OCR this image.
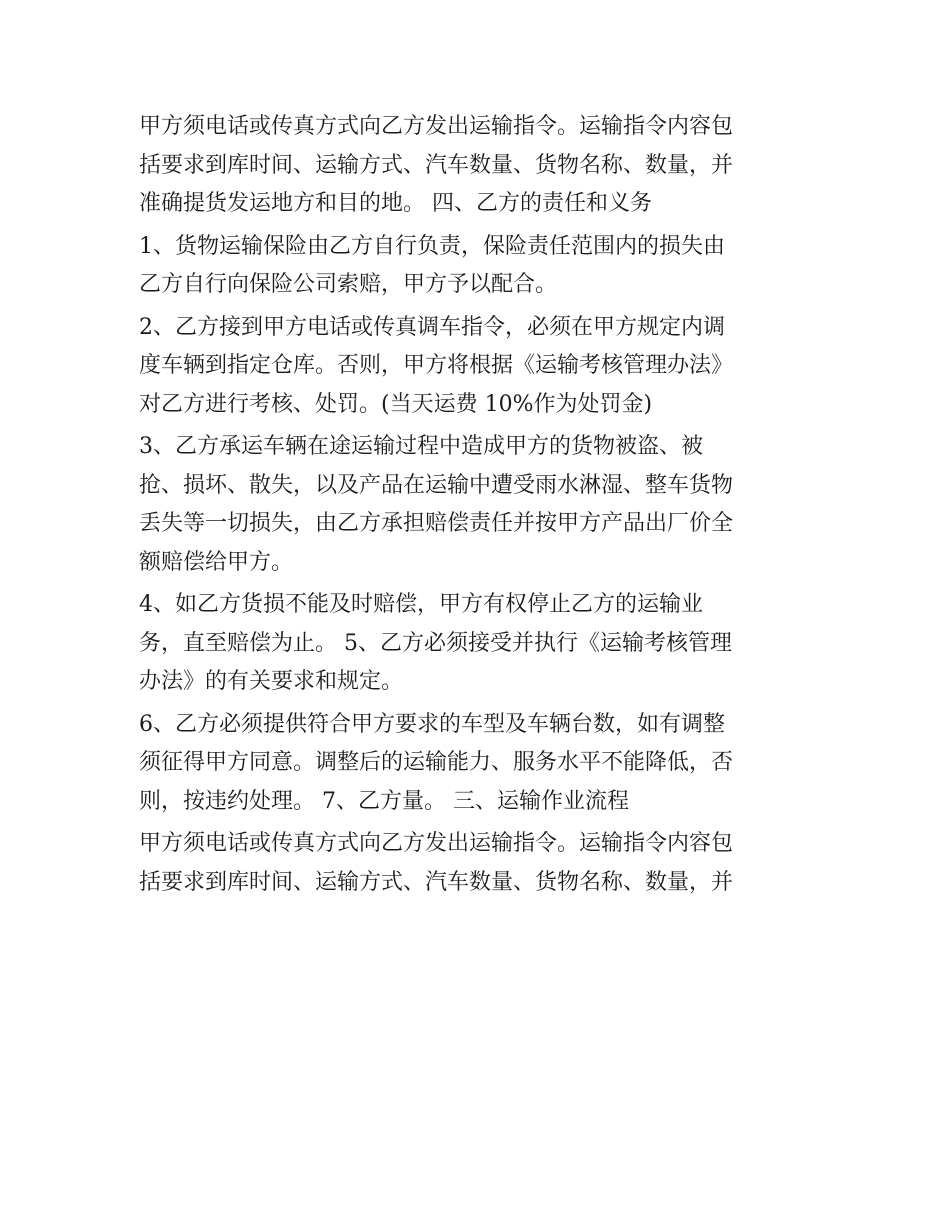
甲方须电话或传真方式向乙方发出运输指令。运输指令内容包
括要求到库时间、运输方式、汽车数量、货物名称、数量，并
准确提货发运地方和目的地。 四、乙方的责任和义务

1、货物运输保险由乙方自行负责，保险责任范围内的损失由
乙方自行向保险公司索赔，甲方予以配合。

2、乙方接到甲方电话或传真调车指令，必须在甲方规定内调
度车辆到指定仓库。否则，甲方将根据《运输考核管理办法》
对乙方进行考核、处罚。(当天运费 10%作为处罚金)

3、乙方承运车辆在途运输过程中造成甲方的货物被盗、被
抢、损坏、散失，以及产品在运输中遭受雨水淋湿、整车货物
丢失等一切损失，由乙方承担赔偿责任并按甲方产品出厂价全
额赔偿给甲方。

4、如乙方货损不能及时赔偿，甲方有权停止乙方的运输业
务，直至赔偿为止。 5、乙方必须接受并执行《运输考核管理
办法》的有关要求和规定。

6、乙方必须提供符合甲方要求的车型及车辆台数，如有调整
须征得甲方同意。调整后的运输能力、服务水平不能降低，否
则，按违约处理。 7、乙方量。 三、运输作业流程

甲方须电话或传真方式向乙方发出运输指令。运输指令内容包
括要求到库时间、运输方式、汽车数量、货物名称、数量，并
